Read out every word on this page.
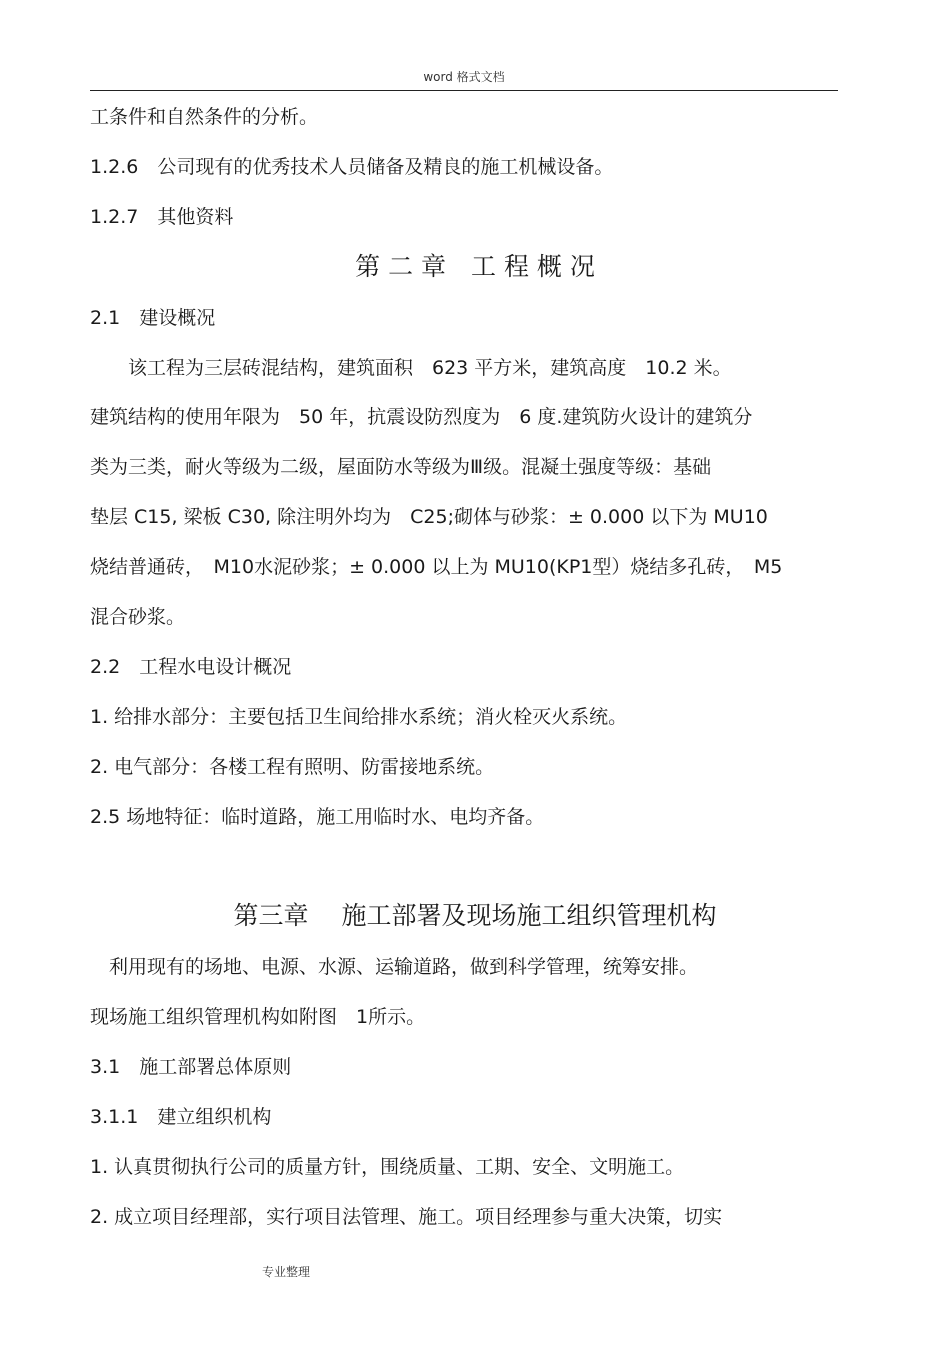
word 格式文档
工条件和自然条件的分析。
1.2.6　公司现有的优秀技术人员储备及精良的施工机械设备。
1.2.7　其他资料
第 二 章　工 程 概 况
2.1　建设概况
　　该工程为三层砖混结构，建筑面积　623 平方米，建筑高度　10.2 米。
建筑结构的使用年限为　50 年，抗震设防烈度为　6 度.建筑防火设计的建筑分
类为三类，耐火等级为二级，屋面防水等级为Ⅲ级。混凝土强度等级：基础
垫层 C15, 梁板 C30, 除注明外均为　C25;砌体与砂浆：± 0.000 以下为 MU10
烧结普通砖，　M10水泥砂浆；± 0.000 以上为 MU10(KP1型）烧结多孔砖，　M5
混合砂浆。
2.2　工程水电设计概况
1. 给排水部分：主要包括卫生间给排水系统；消火栓灭火系统。
2. 电气部分：各楼工程有照明、防雷接地系统。
2.5 场地特征：临时道路，施工用临时水、电均齐备。
第三章　 施工部署及现场施工组织管理机构
　利用现有的场地、电源、水源、运输道路，做到科学管理，统筹安排。
现场施工组织管理机构如附图　1所示。
3.1　施工部署总体原则
3.1.1　建立组织机构
1. 认真贯彻执行公司的质量方针，围绕质量、工期、安全、文明施工。
2. 成立项目经理部，实行项目法管理、施工。项目经理参与重大决策，切实
专业整理
